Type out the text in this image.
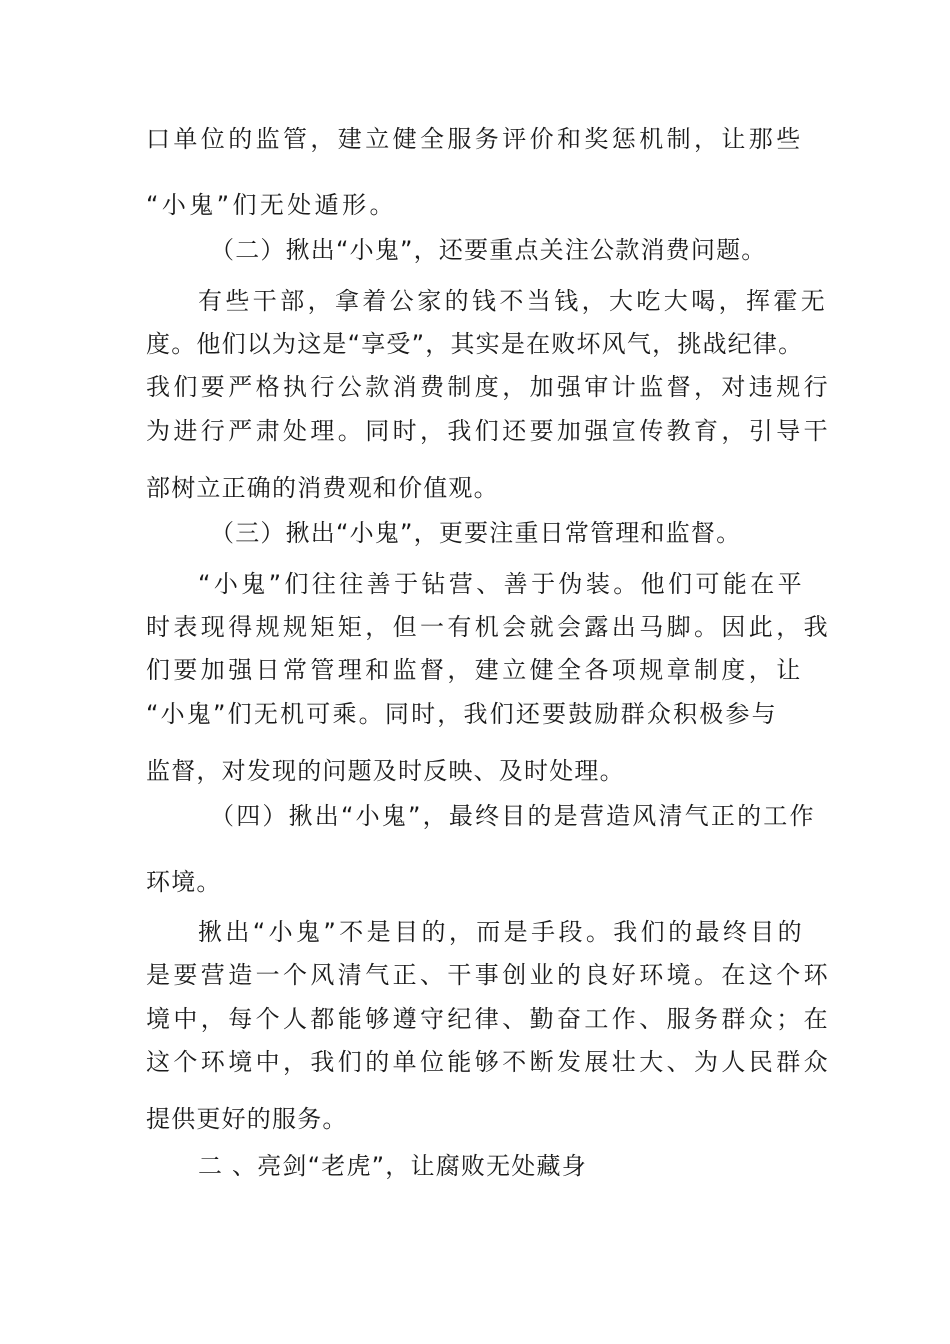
口单位的监管，建立健全服务评价和奖惩机制，让那些
“小鬼”们无处遁形。
（二）揪出“小鬼”，还要重点关注公款消费问题。
有些干部，拿着公家的钱不当钱，大吃大喝，挥霍无
度。他们以为这是“享受”，其实是在败坏风气，挑战纪律。
我们要严格执行公款消费制度，加强审计监督，对违规行
为进行严肃处理。同时，我们还要加强宣传教育，引导干
部树立正确的消费观和价值观。
（三）揪出“小鬼”，更要注重日常管理和监督。
“小鬼”们往往善于钻营、善于伪装。他们可能在平
时表现得规规矩矩，但一有机会就会露出马脚。因此，我
们要加强日常管理和监督，建立健全各项规章制度，让
“小鬼”们无机可乘。同时，我们还要鼓励群众积极参与
监督，对发现的问题及时反映、及时处理。
（四）揪出“小鬼”，最终目的是营造风清气正的工作
环境。
揪出“小鬼”不是目的，而是手段。我们的最终目的
是要营造一个风清气正、干事创业的良好环境。在这个环
境中，每个人都能够遵守纪律、勤奋工作、服务群众；在
这个环境中，我们的单位能够不断发展壮大、为人民群众
提供更好的服务。
二 、亮剑“老虎”，让腐败无处藏身
